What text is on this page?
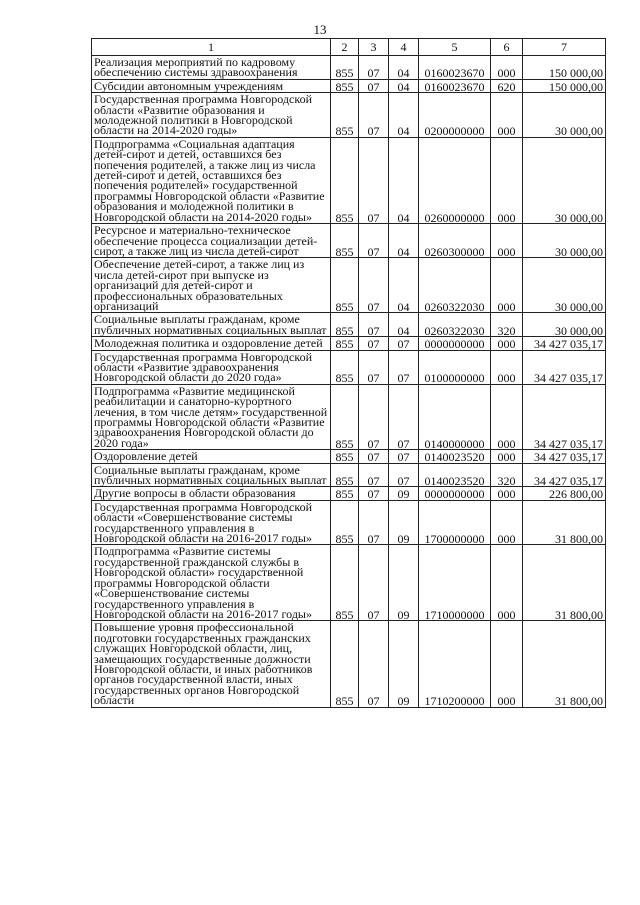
13
1	2	3	4	5	6	7
Реализация мероприятий по кадровому обеспечению системы здравоохранения	855	07	04	0160023670	000	150 000,00
Субсидии автономным учреждениям	855	07	04	0160023670	620	150 000,00
Государственная программа Новгородской области «Развитие образования и молодежной политики в Новгородской области на 2014-2020 годы»	855	07	04	0200000000	000	30 000,00
Подпрограмма «Социальная адаптация детей-сирот и детей, оставшихся без попечения родителей, а также лиц из числа детей-сирот и детей, оставшихся без попечения родителей» государственной программы Новгородской области «Развитие образования и молодежной политики в Новгородской области на 2014-2020 годы»	855	07	04	0260000000	000	30 000,00
Ресурсное и материально-техническое обеспечение процесса социализации детей-сирот, а также лиц из числа детей-сирот	855	07	04	0260300000	000	30 000,00
Обеспечение детей-сирот, а также лиц из числа детей-сирот при выпуске из организаций для детей-сирот и профессиональных образовательных организаций	855	07	04	0260322030	000	30 000,00
Социальные выплаты гражданам, кроме публичных нормативных социальных выплат	855	07	04	0260322030	320	30 000,00
Молодежная политика и оздоровление детей	855	07	07	0000000000	000	34 427 035,17
Государственная программа Новгородской области «Развитие здравоохранения Новгородской области до 2020 года»	855	07	07	0100000000	000	34 427 035,17
Подпрограмма «Развитие медицинской реабилитации и санаторно-курортного лечения, в том числе детям» государственной программы Новгородской области «Развитие здравоохранения Новгородской области до 2020 года»	855	07	07	0140000000	000	34 427 035,17
Оздоровление детей	855	07	07	0140023520	000	34 427 035,17
Социальные выплаты гражданам, кроме публичных нормативных социальных выплат	855	07	07	0140023520	320	34 427 035,17
Другие вопросы в области образования	855	07	09	0000000000	000	226 800,00
Государственная программа Новгородской области «Совершенствование системы государственного управления в Новгородской области на 2016-2017 годы»	855	07	09	1700000000	000	31 800,00
Подпрограмма «Развитие системы государственной гражданской службы в Новгородской области» государственной программы Новгородской области «Совершенствование системы государственного управления в Новгородской области на 2016-2017 годы»	855	07	09	1710000000	000	31 800,00
Повышение уровня профессиональной подготовки государственных гражданских служащих Новгородской области, лиц, замещающих государственные должности Новгородской области, и иных работников органов государственной власти, иных государственных органов Новгородской области	855	07	09	1710200000	000	31 800,00
